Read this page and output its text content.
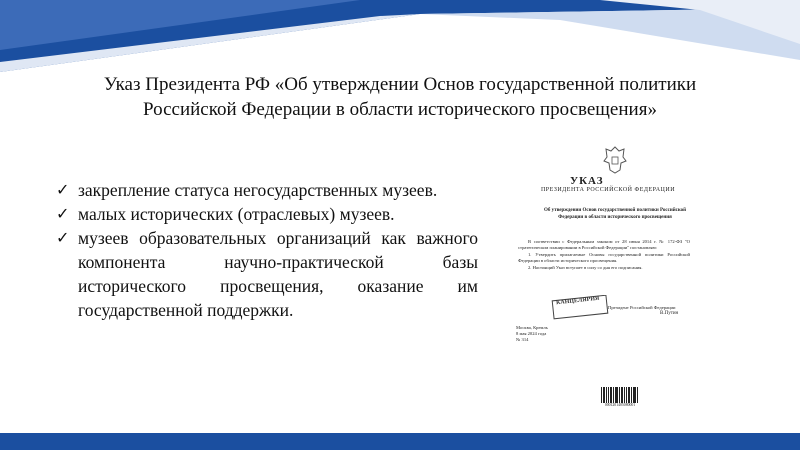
Указ Президента РФ «Об утверждении Основ государственной политики
Российской Федерации в области исторического просвещения»
✓ закрепление статуса негосударственных музеев.
✓ малых исторических (отраслевых) музеев.
✓ музеев образовательных организаций как важного компонента научно-практической базы исторического просвещения, оказание им государственной поддержки.
УКАЗ
ПРЕЗИДЕНТА РОССИЙСКОЙ ФЕДЕРАЦИИ
Об утверждении Основ государственной политики Российской Федерации в области исторического просвещения

В соответствии с Федеральным законом от 28 июня 2014 г. № 172-ФЗ "О стратегическом планировании в Российской Федерации" постановляю:

1. Утвердить прилагаемые Основы государственной политики Российской Федерации в области исторического просвещения.

2. Настоящий Указ вступает в силу со дня его подписания.

КАНЦЕЛЯРИЯ
Президент Российской Федерации
В.Путин
Москва, Кремль
8 мая 2024 года
№ 314
0001201405080001
